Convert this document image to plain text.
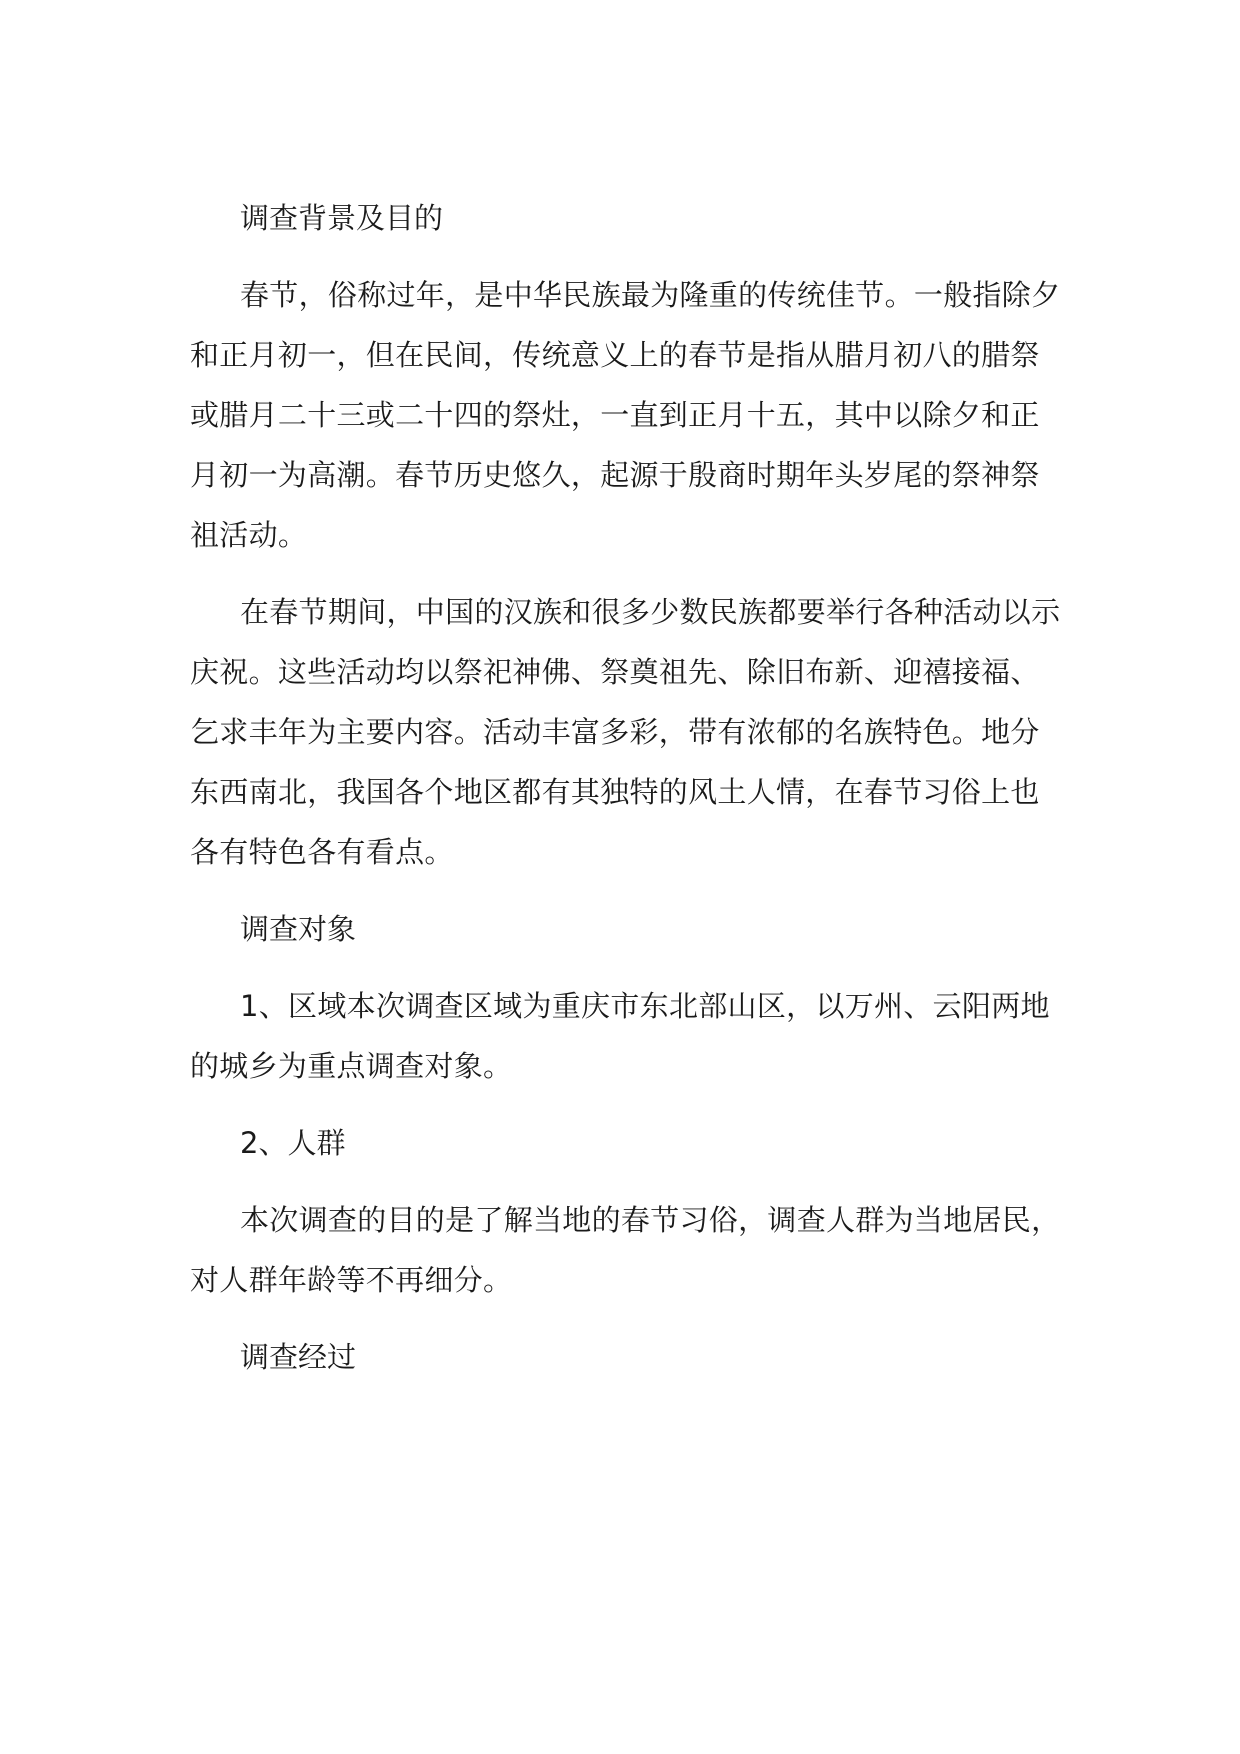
调查背景及目的

春节，俗称过年，是中华民族最为隆重的传统佳节。一般指除夕和正月初一，但在民间，传统意义上的春节是指从腊月初八的腊祭或腊月二十三或二十四的祭灶，一直到正月十五，其中以除夕和正月初一为高潮。春节历史悠久，起源于殷商时期年头岁尾的祭神祭祖活动。

在春节期间，中国的汉族和很多少数民族都要举行各种活动以示庆祝。这些活动均以祭祀神佛、祭奠祖先、除旧布新、迎禧接福、乞求丰年为主要内容。活动丰富多彩，带有浓郁的名族特色。地分东西南北，我国各个地区都有其独特的风土人情，在春节习俗上也各有特色各有看点。

调查对象

1、区域本次调查区域为重庆市东北部山区，以万州、云阳两地的城乡为重点调查对象。

2、人群

本次调查的目的是了解当地的春节习俗，调查人群为当地居民，对人群年龄等不再细分。

调查经过
